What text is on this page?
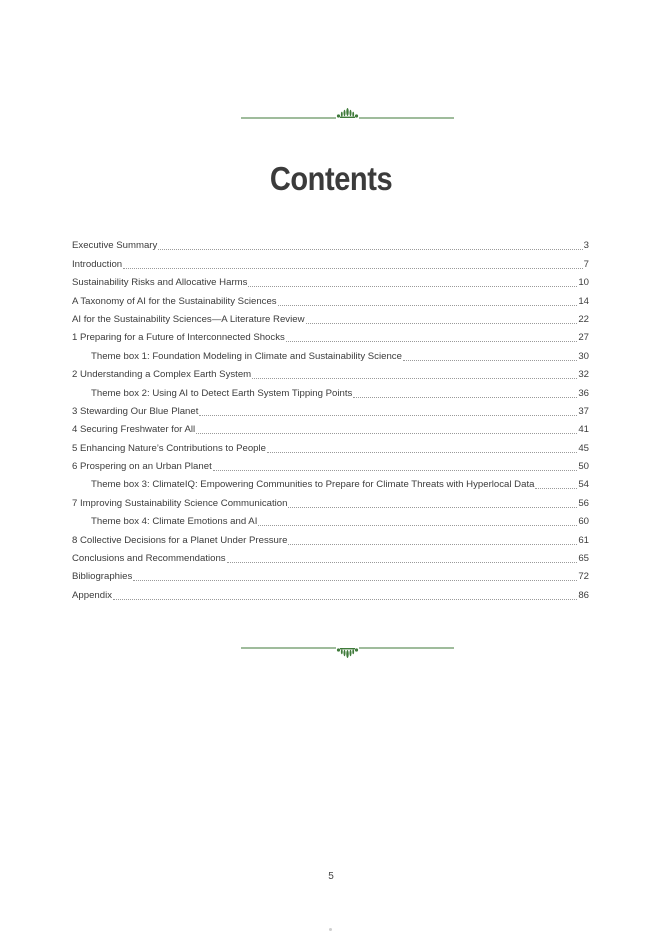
Contents
Executive Summary	3
Introduction	7
Sustainability Risks and Allocative Harms	10
A Taxonomy of AI for the Sustainability Sciences	14
AI for the Sustainability Sciences—A Literature Review	22
1 Preparing for a Future of Interconnected Shocks	27
Theme box 1: Foundation Modeling in Climate and Sustainability Science	30
2 Understanding a Complex Earth System	32
Theme box 2: Using AI to Detect Earth System Tipping Points	36
3 Stewarding Our Blue Planet	37
4 Securing Freshwater for All	41
5 Enhancing Nature’s Contributions to People	45
6 Prospering on an Urban Planet	50
Theme box 3: ClimateIQ: Empowering Communities to Prepare for Climate Threats with Hyperlocal Data	54
7 Improving Sustainability Science Communication	56
Theme box 4: Climate Emotions and AI	60
8 Collective Decisions for a Planet Under Pressure	61
Conclusions and Recommendations	65
Bibliographies	72
Appendix	86
5
